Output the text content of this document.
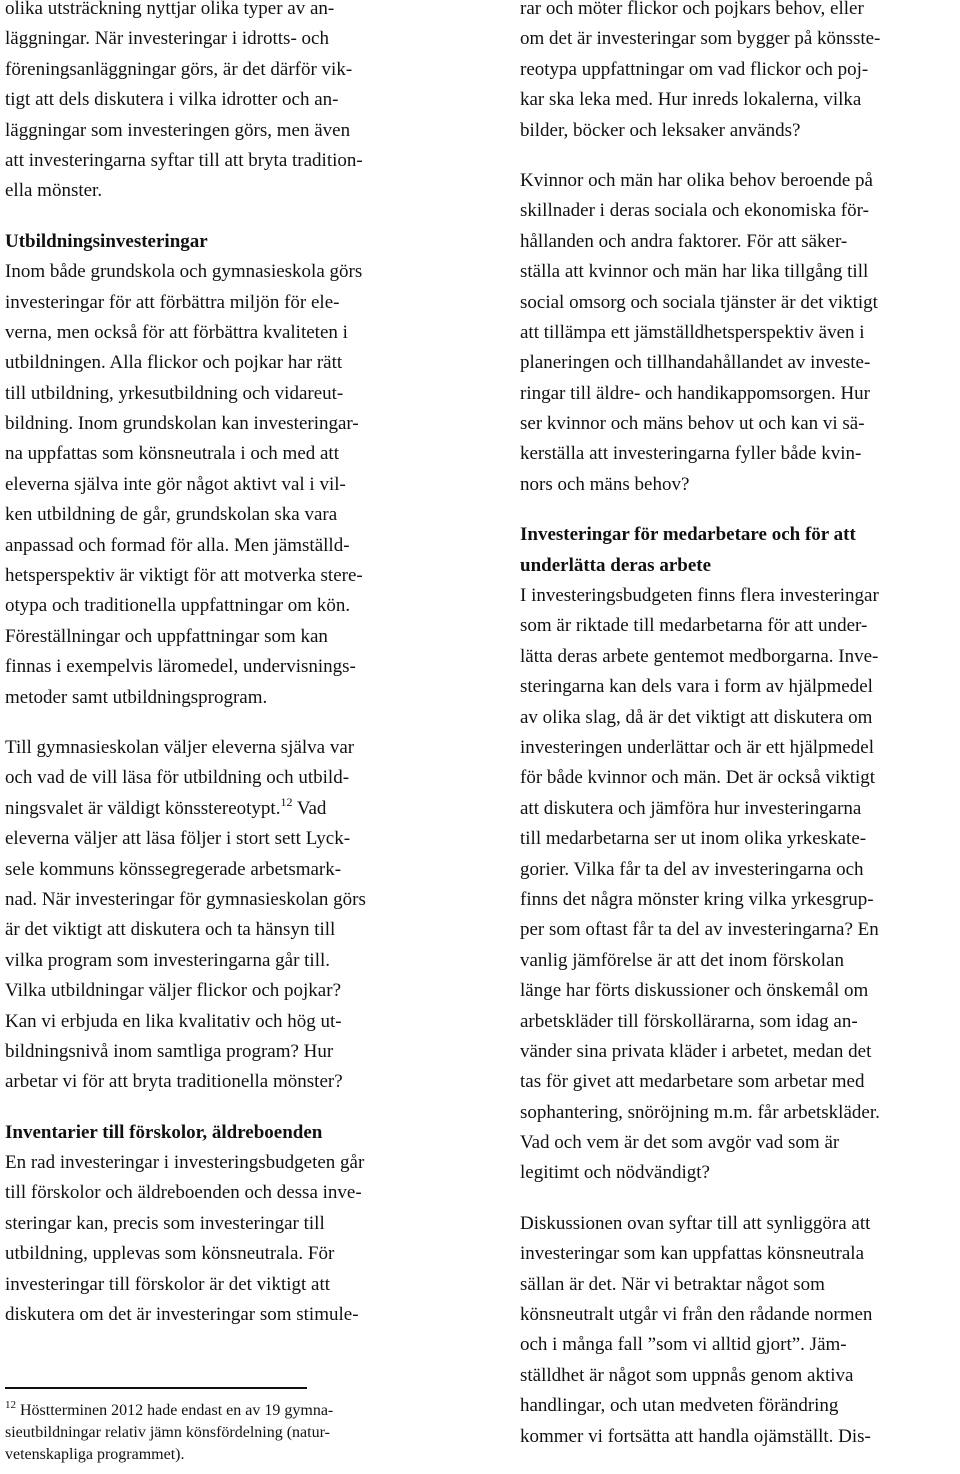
olika utsträckning nyttjar olika typer av an-
läggningar. När investeringar i idrotts- och
föreningsanläggningar görs, är det därför vik-
tigt att dels diskutera i vilka idrotter och an-
läggningar som investeringen görs, men även
att investeringarna syftar till att bryta tradition-
ella mönster.
Utbildningsinvesteringar
Inom både grundskola och gymnasieskola görs
investeringar för att förbättra miljön för ele-
verna, men också för att förbättra kvaliteten i
utbildningen. Alla flickor och pojkar har rätt
till utbildning, yrkesutbildning och vidareut-
bildning. Inom grundskolan kan investeringar-
na uppfattas som könsneutrala i och med att
eleverna själva inte gör något aktivt val i vil-
ken utbildning de går, grundskolan ska vara
anpassad och formad för alla. Men jämställd-
hetsperspektiv är viktigt för att motverka stere-
otypa och traditionella uppfattningar om kön.
Föreställningar och uppfattningar som kan
finnas i exempelvis läromedel, undervisnings-
metoder samt utbildningsprogram.
Till gymnasieskolan väljer eleverna själva var
och vad de vill läsa för utbildning och utbild-
ningsvalet är väldigt könsstereotypt.$^{12}$ Vad
eleverna väljer att läsa följer i stort sett Lyck-
sele kommuns könssegregerade arbetsmark-
nad. När investeringar för gymnasieskolan görs
är det viktigt att diskutera och ta hänsyn till
vilka program som investeringarna går till.
Vilka utbildningar väljer flickor och pojkar?
Kan vi erbjuda en lika kvalitativ och hög ut-
bildningsnivå inom samtliga program? Hur
arbetar vi för att bryta traditionella mönster?
Inventarier till förskolor, äldreboenden
En rad investeringar i investeringsbudgeten går
till förskolor och äldreboenden och dessa inve-
steringar kan, precis som investeringar till
utbildning, upplevas som könsneutrala. För
investeringar till förskolor är det viktigt att
diskutera om det är investeringar som stimule-
$^{12}$ Höstterminen 2012 hade endast en av 19 gymna-
sieutbildningar relativ jämn könsfördelning (natur-
vetenskapliga programmet).
rar och möter flickor och pojkars behov, eller
om det är investeringar som bygger på könsste-
reotypa uppfattningar om vad flickor och poj-
kar ska leka med. Hur inreds lokalerna, vilka
bilder, böcker och leksaker används?
Kvinnor och män har olika behov beroende på
skillnader i deras sociala och ekonomiska för-
hållanden och andra faktorer. För att säker-
ställa att kvinnor och män har lika tillgång till
social omsorg och sociala tjänster är det viktigt
att tillämpa ett jämställdhetsperspektiv även i
planeringen och tillhandahållandet av investe-
ringar till äldre- och handikappomsorgen. Hur
ser kvinnor och mäns behov ut och kan vi sä-
kerställa att investeringarna fyller både kvin-
nors och mäns behov?
Investeringar för medarbetare och för att
underlätta deras arbete
I investeringsbudgeten finns flera investeringar
som är riktade till medarbetarna för att under-
lätta deras arbete gentemot medborgarna. Inve-
steringarna kan dels vara i form av hjälpmedel
av olika slag, då är det viktigt att diskutera om
investeringen underlättar och är ett hjälpmedel
för både kvinnor och män. Det är också viktigt
att diskutera och jämföra hur investeringarna
till medarbetarna ser ut inom olika yrkeskate-
gorier. Vilka får ta del av investeringarna och
finns det några mönster kring vilka yrkesgrup-
per som oftast får ta del av investeringarna? En
vanlig jämförelse är att det inom förskolan
länge har förts diskussioner och önskemål om
arbetskläder till förskollärarna, som idag an-
vänder sina privata kläder i arbetet, medan det
tas för givet att medarbetare som arbetar med
sophantering, snöröjning m.m. får arbetskläder.
Vad och vem är det som avgör vad som är
legitimt och nödvändigt?
Diskussionen ovan syftar till att synliggöra att
investeringar som kan uppfattas könsneutrala
sällan är det. När vi betraktar något som
könsneutralt utgår vi från den rådande normen
och i många fall ”som vi alltid gjort”. Jäm-
ställdhet är något som uppnås genom aktiva
handlingar, och utan medveten förändring
kommer vi fortsätta att handla ojämställt. Dis-
